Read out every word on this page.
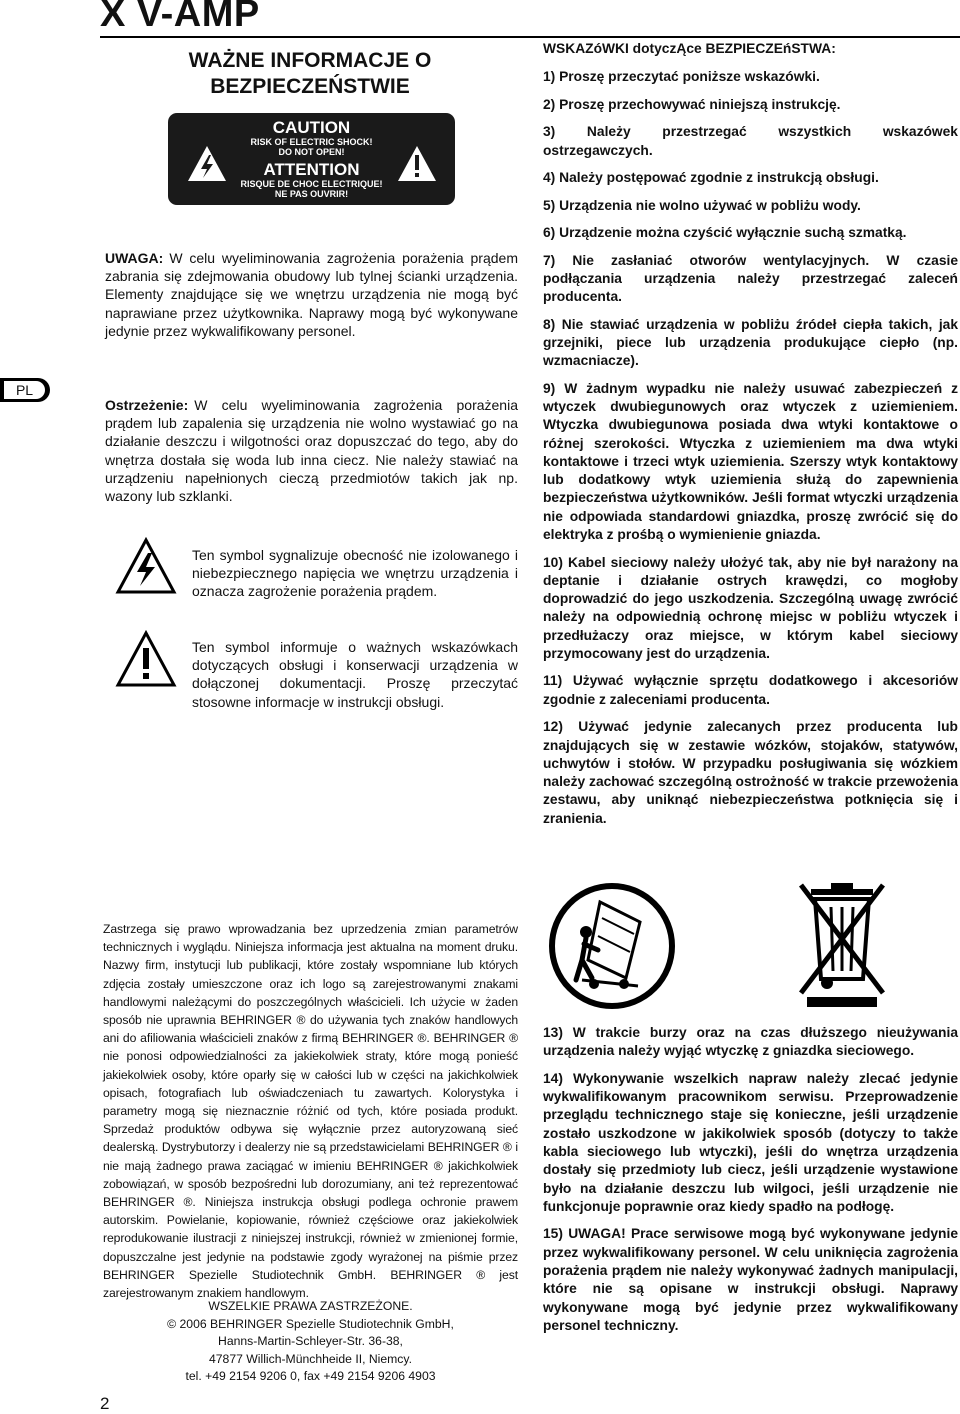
X V-AMP
WAŻNE INFORMACJE O
BEZPIECZEŃSTWIE
CAUTION
RISK OF ELECTRIC SHOCK!
DO NOT OPEN!
ATTENTION
RISQUE DE CHOC ELECTRIQUE!
NE PAS OUVRIR!
UWAGA: W celu wyeliminowania zagrożenia porażenia prądem zabrania się zdejmowania obudowy lub tylnej ścianki urządzenia. Elementy znajdujące się we wnętrzu urządzenia nie mogą być naprawiane przez użytkownika. Naprawy mogą być wykonywane jedynie przez wykwalifikowany personel.
Ostrzeżenie: W celu wyeliminowania zagrożenia porażenia prądem lub zapalenia się urządzenia nie wolno wystawiać go na działanie deszczu i wilgotności oraz dopuszczać do tego, aby do wnętrza dostała się woda lub inna ciecz. Nie należy stawiać na urządzeniu napełnionych cieczą przedmiotów takich jak np. wazony lub szklanki.
Ten symbol sygnalizuje obecność nie izolowanego i niebezpiecznego napięcia we wnętrzu urządzenia i oznacza zagrożenie porażenia prądem.
Ten symbol informuje o ważnych wskazówkach dotyczących obsługi i konserwacji urządzenia w dołączonej dokumentacji. Proszę przeczytać stosowne informacje w instrukcji obsługi.
PL
WSKAZóWKI dotyczĄce BEZPIECZEńSTWA:
1) Proszę przeczytać poniższe wskazówki.
2) Proszę przechowywać niniejszą instrukcję.
3) Należy przestrzegać wszystkich wskazówek ostrzegawczych.
4) Należy postępować zgodnie z instrukcją obsługi.
5) Urządzenia nie wolno używać w pobliżu wody.
6) Urządzenie można czyścić wyłącznie suchą szmatką.
7) Nie zasłaniać otworów wentylacyjnych. W czasie podłączania urządzenia należy przestrzegać zaleceń producenta.
8) Nie stawiać urządzenia w pobliżu źródeł ciepła takich, jak grzejniki, piece lub urządzenia produkujące ciepło (np. wzmacniacze).
9) W żadnym wypadku nie należy usuwać zabezpieczeń z wtyczek dwubiegunowych oraz wtyczek z uziemieniem. Wtyczka dwubiegunowa posiada dwa wtyki kontaktowe o różnej szerokości. Wtyczka z uziemieniem ma dwa wtyki kontaktowe i trzeci wtyk uziemienia. Szerszy wtyk kontaktowy lub dodatkowy wtyk uziemienia służą do zapewnienia bezpieczeństwa użytkowników. Jeśli format wtyczki urządzenia nie odpowiada standardowi gniazdka, proszę zwrócić się do elektryka z prośbą o wymienienie gniazda.
10) Kabel sieciowy należy ułożyć tak, aby nie był narażony na deptanie i działanie ostrych krawędzi, co mogłoby doprowadzić do jego uszkodzenia. Szczególną uwagę zwrócić należy na odpowiednią ochronę miejsc w pobliżu wtyczek i przedłużaczy oraz miejsce, w którym kabel sieciowy przymocowany jest do urządzenia.
11) Używać wyłącznie sprzętu dodatkowego i akcesoriów zgodnie z zaleceniami producenta.
12) Używać jedynie zalecanych przez producenta lub znajdujących się w zestawie wózków, stojaków, statywów, uchwytów i stołów. W przypadku posługiwania się wózkiem należy zachować szczególną ostrożność w trakcie przewożenia zestawu, aby uniknąć niebezpieczeństwa potknięcia się i zranienia.
13) W trakcie burzy oraz na czas dłuższego nieużywania urządzenia należy wyjąć wtyczkę z gniazdka sieciowego.
14) Wykonywanie wszelkich napraw należy zlecać jedynie wykwalifikowanym pracownikom serwisu. Przeprowadzenie przeglądu technicznego staje się konieczne, jeśli urządzenie zostało uszkodzone w jakikolwiek sposób (dotyczy to także kabla sieciowego lub wtyczki), jeśli do wnętrza urządzenia dostały się przedmioty lub ciecz, jeśli urządzenie wystawione było na działanie deszczu lub wilgoci, jeśli urządzenie nie funkcjonuje poprawnie oraz kiedy spadło na podłogę.
15) UWAGA! Prace serwisowe mogą być wykonywane jedynie przez wykwalifikowany personel. W celu uniknięcia zagrożenia porażenia prądem nie należy wykonywać żadnych manipulacji, które nie są opisane w instrukcji obsługi. Naprawy wykonywane mogą być jedynie przez wykwalifikowany personel techniczny.
Zastrzega się prawo wprowadzania bez uprzedzenia zmian parametrów technicznych i wyglądu. Niniejsza informacja jest aktualna na moment druku. Nazwy firm, instytucji lub publikacji, które zostały wspomniane lub których zdjęcia zostały umieszczone oraz ich logo są zarejestrowanymi znakami handlowymi należącymi do poszczególnych właścicieli. Ich użycie w żaden sposób nie uprawnia BEHRINGER ® do używania tych znaków handlowych ani do afiliowania właścicieli znaków z firmą BEHRINGER ®. BEHRINGER ® nie ponosi odpowiedzialności za jakiekolwiek straty, które mogą ponieść jakiekolwiek osoby, które oparły się w całości lub w części na jakichkolwiek opisach, fotografiach lub oświadczeniach tu zawartych. Kolorystyka i parametry mogą się nieznacznie różnić od tych, które posiada produkt. Sprzedaż produktów odbywa się wyłącznie przez autoryzowaną sieć dealerską. Dystrybutorzy i dealerzy nie są przedstawicielami BEHRINGER ® i nie mają żadnego prawa zaciągać w imieniu BEHRINGER ® jakichkolwiek zobowiązań, w sposób bezpośredni lub dorozumiany, ani też reprezentować BEHRINGER ®. Niniejsza instrukcja obsługi podlega ochronie prawem autorskim. Powielanie, kopiowanie, również częściowe oraz jakiekolwiek reprodukowanie ilustracji z niniejszej instrukcji, również w zmienionej formie, dopuszczalne jest jedynie na podstawie zgody wyrażonej na piśmie przez BEHRINGER Spezielle Studiotechnik GmbH. BEHRINGER ® jest zarejestrowanym znakiem handlowym.
WSZELKIE PRAWA ZASTRZEŻONE.
© 2006 BEHRINGER Spezielle Studiotechnik GmbH,
Hanns-Martin-Schleyer-Str. 36-38,
47877 Willich-Münchheide II, Niemcy.
tel. +49 2154 9206 0, fax +49 2154 9206 4903
2
